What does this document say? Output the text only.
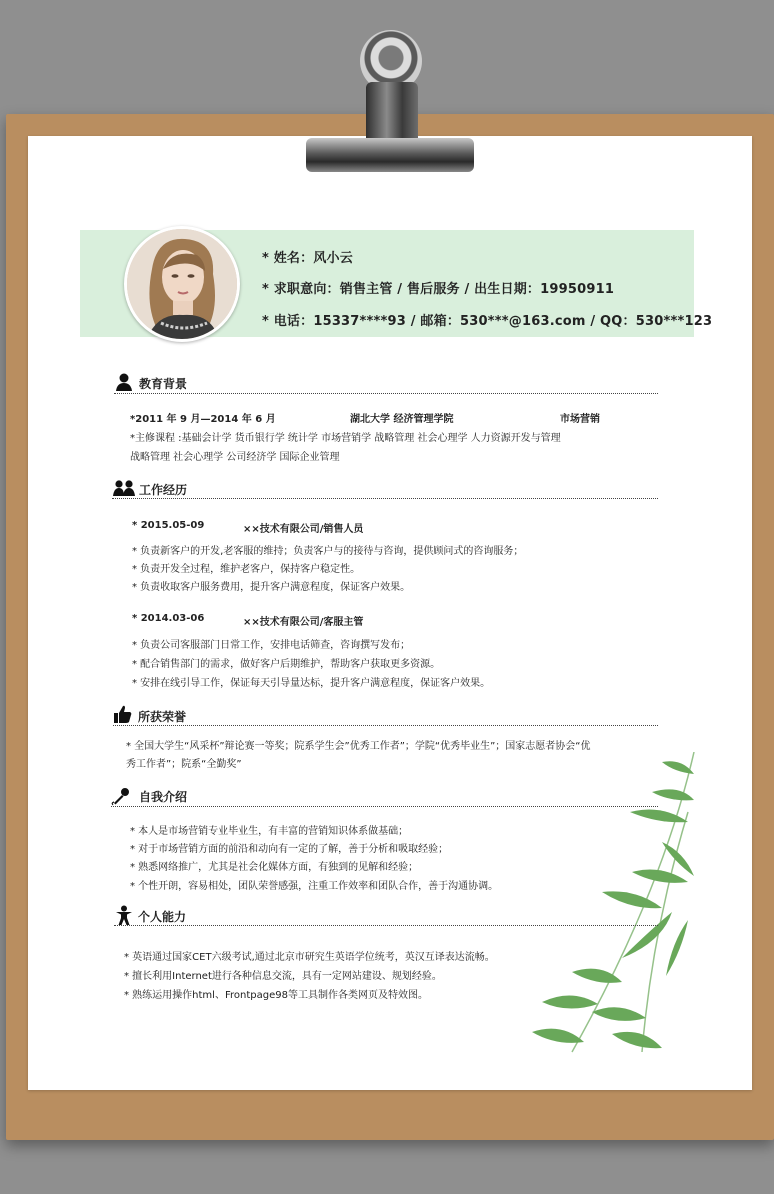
* 姓名：风小云
* 求职意向：销售主管 / 售后服务 / 出生日期：19950911
* 电话：15337****93 / 邮箱：530***@163.com / QQ：530***123
教育背景
*2011 年 9 月—2014 年 6 月	湖北大学 经济管理学院	市场营销
*主修课程 :基础会计学 货币银行学 统计学 市场营销学 战略管理 社会心理学 人力资源开发与管理
战略管理 社会心理学 公司经济学 国际企业管理
工作经历
* 2015.05-09	××技术有限公司/销售人员
* 负责新客户的开发,老客服的维持；负责客户与的接待与咨询，提供顾问式的咨询服务；
* 负责开发全过程，维护老客户，保持客户稳定性。
* 负责收取客户服务费用，提升客户满意程度，保证客户效果。
* 2014.03-06	××技术有限公司/客服主管
* 负责公司客服部门日常工作，安排电话筛查，咨询撰写发布；
* 配合销售部门的需求，做好客户后期维护，帮助客户获取更多资源。
* 安排在线引导工作，保证每天引导量达标，提升客户满意程度，保证客户效果。
所获荣誉
* 全国大学生“风采杯”辩论赛一等奖；院系学生会”优秀工作者”；学院“优秀毕业生”；国家志愿者协会“优
秀工作者”；院系“全勤奖”
自我介绍
* 本人是市场营销专业毕业生，有丰富的营销知识体系做基础；
* 对于市场营销方面的前沿和动向有一定的了解，善于分析和吸取经验；
* 熟悉网络推广，尤其是社会化媒体方面，有独到的见解和经验；
* 个性开朗，容易相处，团队荣誉感强，注重工作效率和团队合作，善于沟通协调。
个人能力
* 英语通过国家CET六级考试,通过北京市研究生英语学位统考，英汉互译表达流畅。
* 擅长利用Internet进行各种信息交流，具有一定网站建设、规划经验。
* 熟练运用操作html、Frontpage98等工具制作各类网页及特效图。
